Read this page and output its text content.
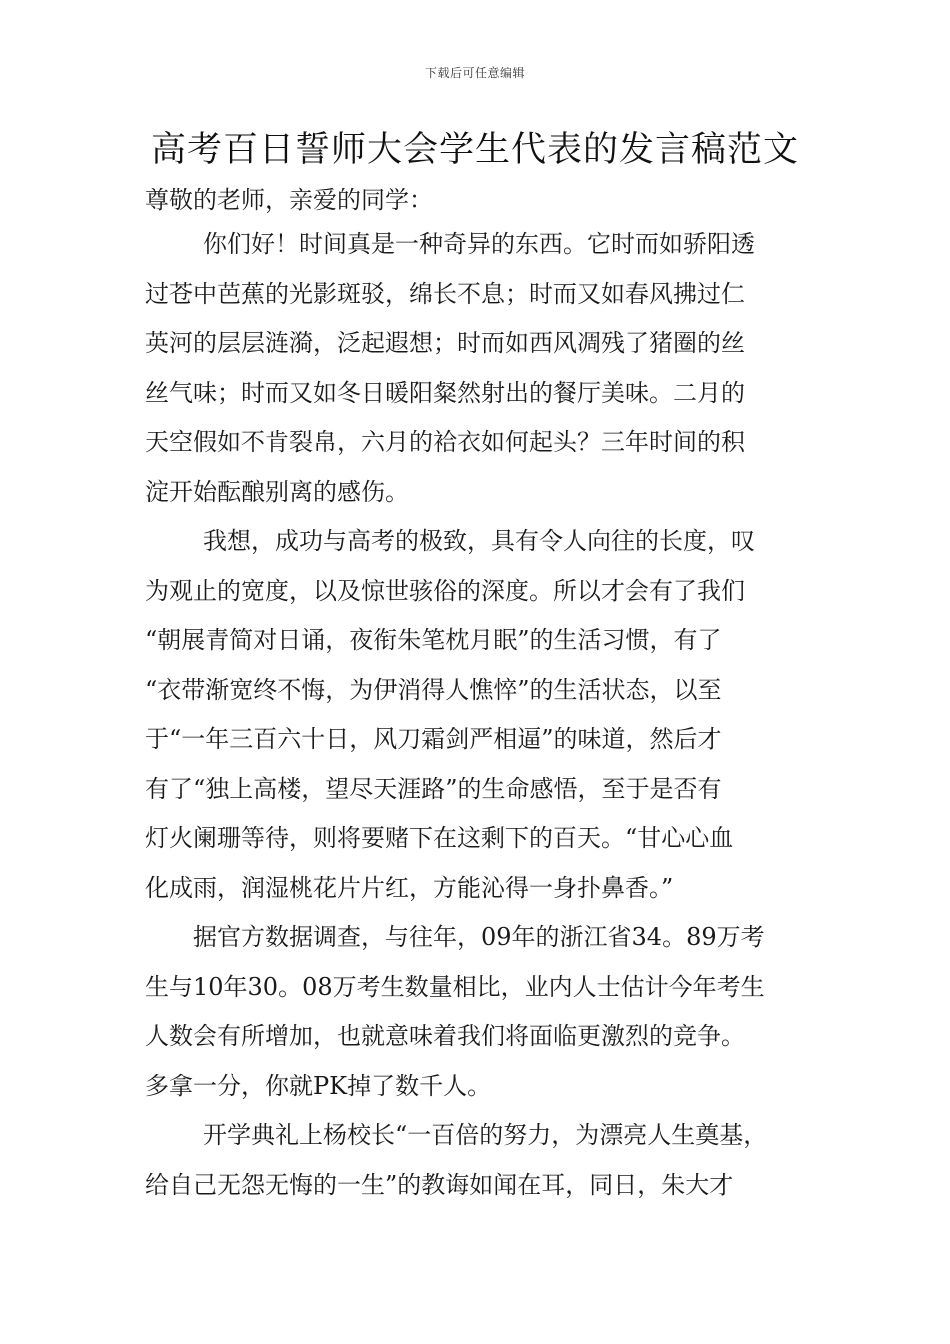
下载后可任意编辑
高考百日誓师大会学生代表的发言稿范文
尊敬的老师，亲爱的同学：
你们好！时间真是一种奇异的东西。它时而如骄阳透
过苍中芭蕉的光影斑驳，绵长不息；时而又如春风拂过仁
英河的层层涟漪，泛起遐想；时而如西风凋残了猪圈的丝
丝气味；时而又如冬日暖阳粲然射出的餐厅美味。二月的
天空假如不肯裂帛，六月的袷衣如何起头？三年时间的积
淀开始酝酿别离的感伤。
我想，成功与高考的极致，具有令人向往的长度，叹
为观止的宽度，以及惊世骇俗的深度。所以才会有了我们
“朝展青简对日诵，夜衔朱笔枕月眠”的生活习惯，有了
“衣带渐宽终不悔，为伊消得人憔悴”的生活状态，以至
于“一年三百六十日，风刀霜剑严相逼”的味道，然后才
有了“独上高楼，望尽天涯路”的生命感悟，至于是否有
灯火阑珊等待，则将要赌下在这剩下的百天。“甘心心血
化成雨，润湿桃花片片红，方能沁得一身扑鼻香。”
据官方数据调查，与往年，09年的浙江省34。89万考
生与10年30。08万考生数量相比，业内人士估计今年考生
人数会有所增加，也就意味着我们将面临更激烈的竞争。
多拿一分，你就PK掉了数千人。
开学典礼上杨校长“一百倍的努力，为漂亮人生奠基，
给自己无怨无悔的一生”的教诲如闻在耳，同日，朱大才
